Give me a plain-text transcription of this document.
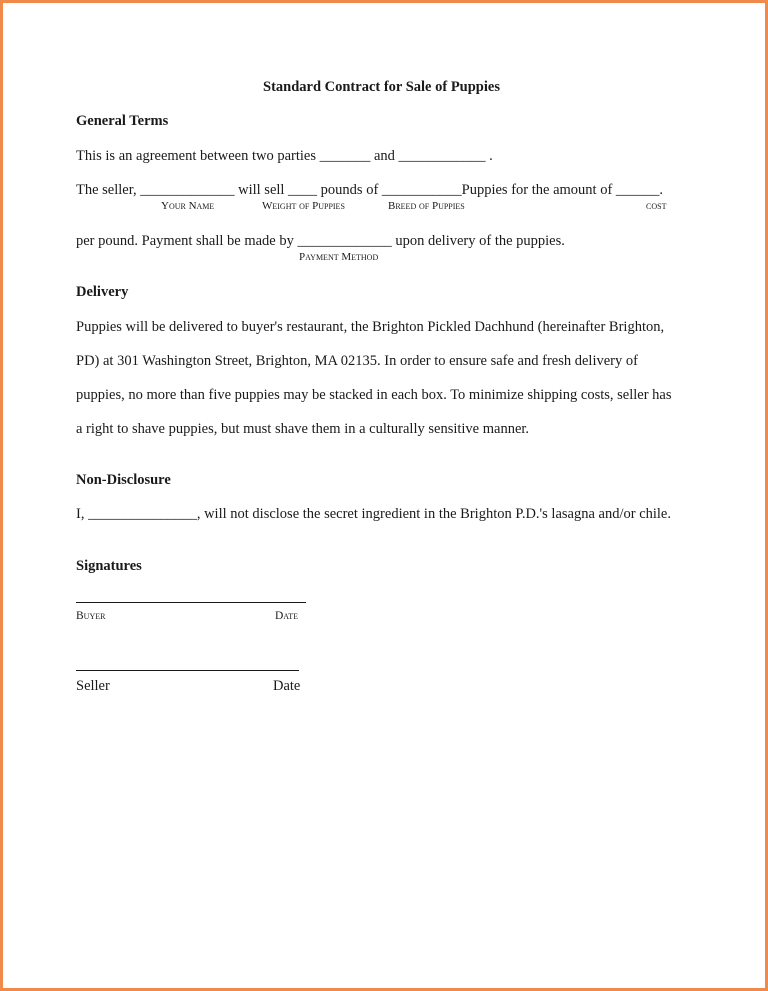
Standard Contract for Sale of Puppies
General Terms
This is an agreement between two parties _______ and ____________ .
The seller, _____________ will sell ____ pounds of ___________Puppies for the amount of ______.
Your Name	Weight of Puppies	Breed of Puppies	cost
per pound. Payment shall be made by _____________ upon delivery of the puppies.
Payment Method
Delivery
Puppies will be delivered to buyer's restaurant, the Brighton Pickled Dachhund (hereinafter Brighton,
PD) at 301 Washington Street, Brighton, MA 02135. In order to ensure safe and fresh delivery of
puppies, no more than five puppies may be stacked in each box. To minimize shipping costs, seller has
a right to shave puppies, but must shave them in a culturally sensitive manner.
Non-Disclosure
I, _______________, will not disclose the secret ingredient in the Brighton P.D.'s lasagna and/or chile.
Signatures
Buyer	Date
Seller	Date
